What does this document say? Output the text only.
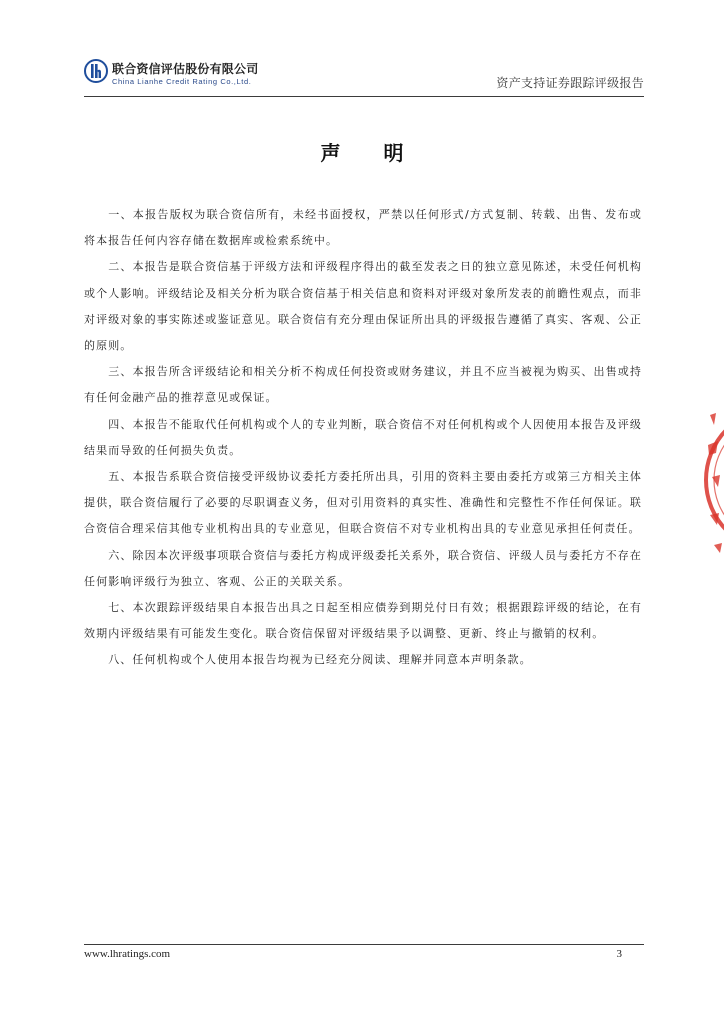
联合资信评估股份有限公司
China Lianhe Credit Rating Co.,Ltd.	资产支持证券跟踪评级报告
声 明

一、本报告版权为联合资信所有，未经书面授权，严禁以任何形式/方式复制、转载、出售、发布或将本报告任何内容存储在数据库或检索系统中。

二、本报告是联合资信基于评级方法和评级程序得出的截至发表之日的独立意见陈述，未受任何机构或个人影响。评级结论及相关分析为联合资信基于相关信息和资料对评级对象所发表的前瞻性观点，而非对评级对象的事实陈述或鉴证意见。联合资信有充分理由保证所出具的评级报告遵循了真实、客观、公正的原则。

三、本报告所含评级结论和相关分析不构成任何投资或财务建议，并且不应当被视为购买、出售或持有任何金融产品的推荐意见或保证。

四、本报告不能取代任何机构或个人的专业判断，联合资信不对任何机构或个人因使用本报告及评级结果而导致的任何损失负责。

五、本报告系联合资信接受评级协议委托方委托所出具，引用的资料主要由委托方或第三方相关主体提供，联合资信履行了必要的尽职调查义务，但对引用资料的真实性、准确性和完整性不作任何保证。联合资信合理采信其他专业机构出具的专业意见，但联合资信不对专业机构出具的专业意见承担任何责任。

六、除因本次评级事项联合资信与委托方构成评级委托关系外，联合资信、评级人员与委托方不存在任何影响评级行为独立、客观、公正的关联关系。

七、本次跟踪评级结果自本报告出具之日起至相应债券到期兑付日有效；根据跟踪评级的结论，在有效期内评级结果有可能发生变化。联合资信保留对评级结果予以调整、更新、终止与撤销的权利。

八、任何机构或个人使用本报告均视为已经充分阅读、理解并同意本声明条款。

www.lhratings.com	3
